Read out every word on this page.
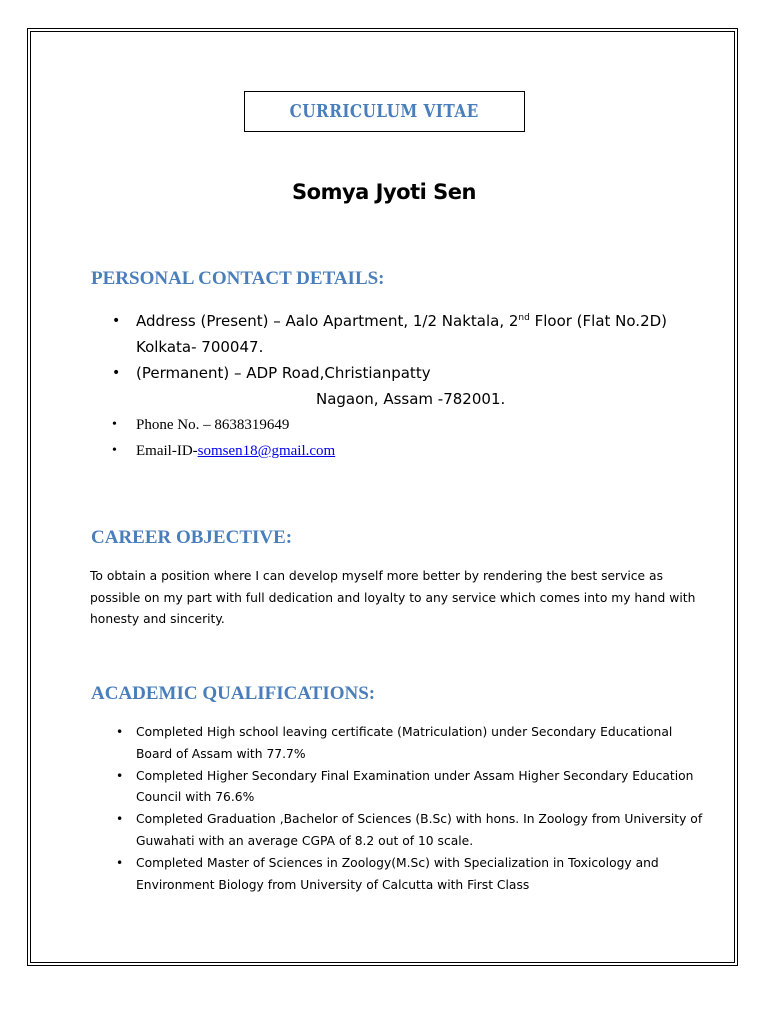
CURRICULUM VITAE
Somya Jyoti Sen
PERSONAL CONTACT DETAILS:
• Address (Present) – Aalo Apartment, 1/2 Naktala, 2nd Floor (Flat No.2D)
Kolkata- 700047.
• (Permanent) – ADP Road,Christianpatty
Nagaon, Assam -782001.
• Phone No. – 8638319649
• Email-ID-somsen18@gmail.com
CAREER OBJECTIVE:

To obtain a position where I can develop myself more better by rendering the best service as possible on my part with full dedication and loyalty to any service which comes into my hand with honesty and sincerity.

ACADEMIC QUALIFICATIONS:
• Completed High school leaving certificate (Matriculation) under Secondary Educational Board of Assam with 77.7%
• Completed Higher Secondary Final Examination under Assam Higher Secondary Education Council with 76.6%
• Completed Graduation ,Bachelor of Sciences (B.Sc) with hons. In Zoology from University of Guwahati with an average CGPA of 8.2 out of 10 scale.
• Completed Master of Sciences in Zoology(M.Sc) with Specialization in Toxicology and Environment Biology from University of Calcutta with First Class
